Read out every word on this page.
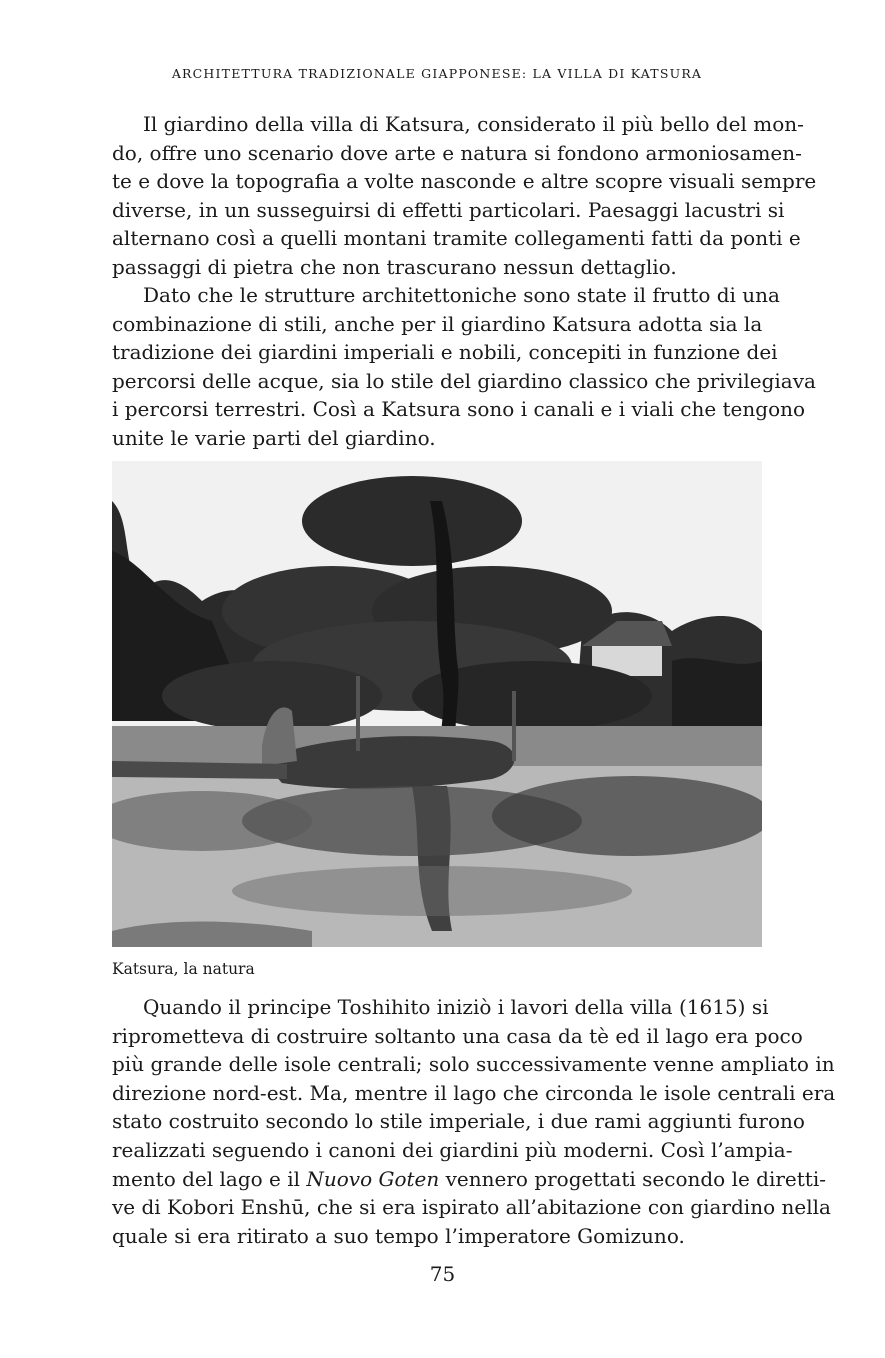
ARCHITETTURA TRADIZIONALE GIAPPONESE: LA VILLA DI KATSURA
Il giardino della villa di Katsura, considerato il più bello del mon-
do, offre uno scenario dove arte e natura si fondono armoniosamen-
te e dove la topografia a volte nasconde e altre scopre visuali sempre
diverse, in un susseguirsi di effetti particolari. Paesaggi lacustri si
alternano così a quelli montani tramite collegamenti fatti da ponti e
passaggi di pietra che non trascurano nessun dettaglio.
Dato che le strutture architettoniche sono state il frutto di una
combinazione di stili, anche per il giardino Katsura adotta sia la
tradizione dei giardini imperiali e nobili, concepiti in funzione dei
percorsi delle acque, sia lo stile del giardino classico che privilegiava
i percorsi terrestri. Così a Katsura sono i canali e i viali che tengono
unite le varie parti del giardino.
Katsura, la natura
Quando il principe Toshihito iniziò i lavori della villa (1615) si
riprometteva di costruire soltanto una casa da tè ed il lago era poco
più grande delle isole centrali; solo successivamente venne ampliato in
direzione nord-est. Ma, mentre il lago che circonda le isole centrali era
stato costruito secondo lo stile imperiale, i due rami aggiunti furono
realizzati seguendo i canoni dei giardini più moderni. Così l’ampia-
mento del lago e il Nuovo Goten vennero progettati secondo le diretti-
ve di Kobori Enshū, che si era ispirato all’abitazione con giardino nella
quale si era ritirato a suo tempo l’imperatore Gomizuno.
75
